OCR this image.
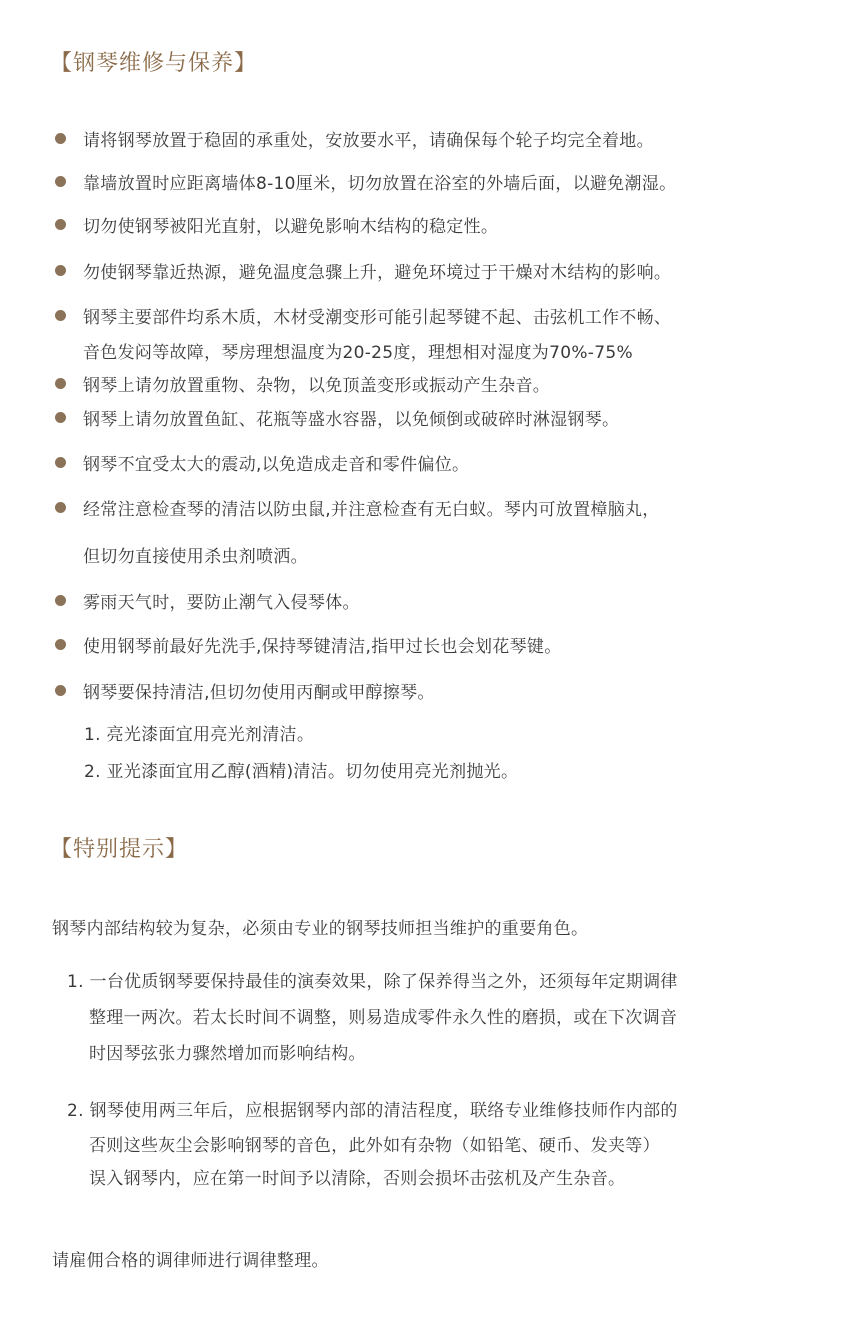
【钢琴维修与保养】
请将钢琴放置于稳固的承重处，安放要水平，请确保每个轮子均完全着地。
靠墙放置时应距离墙体8-10厘米，切勿放置在浴室的外墙后面，以避免潮湿。
切勿使钢琴被阳光直射，以避免影响木结构的稳定性。
勿使钢琴靠近热源，避免温度急骤上升，避免环境过于干燥对木结构的影响。
钢琴主要部件均系木质，木材受潮变形可能引起琴键不起、击弦机工作不畅、
音色发闷等故障，琴房理想温度为20-25度，理想相对湿度为70%-75%
钢琴上请勿放置重物、杂物，以免顶盖变形或振动产生杂音。
钢琴上请勿放置鱼缸、花瓶等盛水容器，以免倾倒或破碎时淋湿钢琴。
钢琴不宜受太大的震动,以免造成走音和零件偏位。
经常注意检查琴的清洁以防虫鼠,并注意检查有无白蚁。琴内可放置樟脑丸，
但切勿直接使用杀虫剂喷洒。
雾雨天气时，要防止潮气入侵琴体。
使用钢琴前最好先洗手,保持琴键清洁,指甲过长也会划花琴键。
钢琴要保持清洁,但切勿使用丙酮或甲醇擦琴。
1. 亮光漆面宜用亮光剂清洁。
2. 亚光漆面宜用乙醇(酒精)清洁。切勿使用亮光剂抛光。
【特别提示】
钢琴内部结构较为复杂，必须由专业的钢琴技师担当维护的重要角色。
1. 一台优质钢琴要保持最佳的演奏效果，除了保养得当之外，还须每年定期调律
整理一两次。若太长时间不调整，则易造成零件永久性的磨损，或在下次调音
时因琴弦张力骤然增加而影响结构。
2. 钢琴使用两三年后，应根据钢琴内部的清洁程度，联络专业维修技师作内部的
否则这些灰尘会影响钢琴的音色，此外如有杂物（如铅笔、硬币、发夹等）
误入钢琴内，应在第一时间予以清除，否则会损坏击弦机及产生杂音。
请雇佣合格的调律师进行调律整理。
